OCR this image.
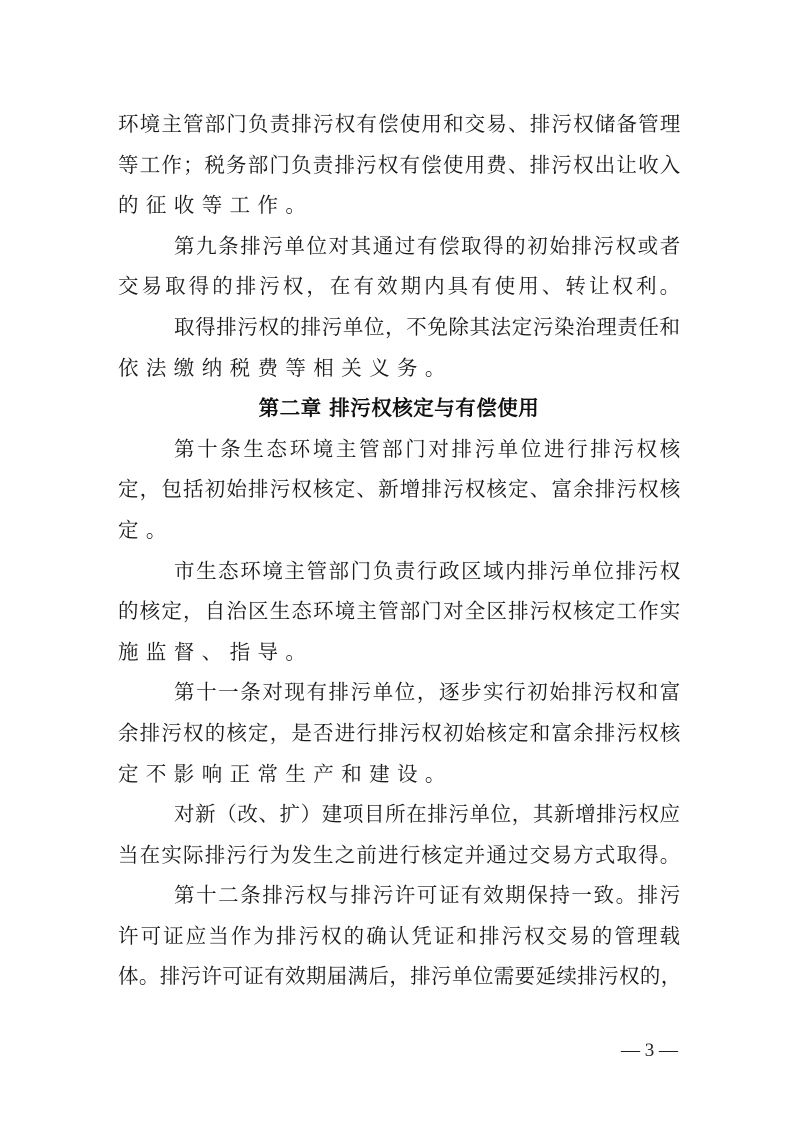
环 境 主 管 部 门 负 责 排 污 权 有 偿 使 用 和 交 易 、 排 污 权 储 备 管 理
等 工 作 ； 税 务 部 门 负 责 排 污 权 有 偿 使 用 费 、 排 污 权 出 让 收 入
的征收等工作。
第 九 条 排 污 单 位 对 其 通 过 有 偿 取 得 的 初 始 排 污 权 或 者
交 易 取 得 的 排 污 权 ， 在 有 效 期 内 具 有 使 用 、 转 让 权 利 。
取 得 排 污 权 的 排 污 单 位 ， 不 免 除 其 法 定 污 染 治 理 责 任 和
依法缴纳税费等相关义务。
第二章 排污权核定与有偿使用
第 十 条 生 态 环 境 主 管 部 门 对 排 污 单 位 进 行 排 污 权 核
定 ， 包 括 初 始 排 污 权 核 定 、 新 增 排 污 权 核 定 、 富 余 排 污 权 核
定。
市 生 态 环 境 主 管 部 门 负 责 行 政 区 域 内 排 污 单 位 排 污 权
的 核 定 ， 自 治 区 生 态 环 境 主 管 部 门 对 全 区 排 污 权 核 定 工 作 实
施监督、指导。
第 十 一 条 对 现 有 排 污 单 位 ， 逐 步 实 行 初 始 排 污 权 和 富
余 排 污 权 的 核 定 ， 是 否 进 行 排 污 权 初 始 核 定 和 富 余 排 污 权 核
定不影响正常生产和建设。
对 新 （ 改 、 扩 ） 建 项 目 所 在 排 污 单 位 ， 其 新 增 排 污 权 应
当 在 实 际 排 污 行 为 发 生 之 前 进 行 核 定 并 通 过 交 易 方 式 取 得 。
第 十 二 条 排 污 权 与 排 污 许 可 证 有 效 期 保 持 一 致 。 排 污
许 可 证 应 当 作 为 排 污 权 的 确 认 凭 证 和 排 污 权 交 易 的 管 理 载
体 。 排 污 许 可 证 有 效 期 届 满 后 ， 排 污 单 位 需 要 延 续 排 污 权 的 ，
— 3 —
